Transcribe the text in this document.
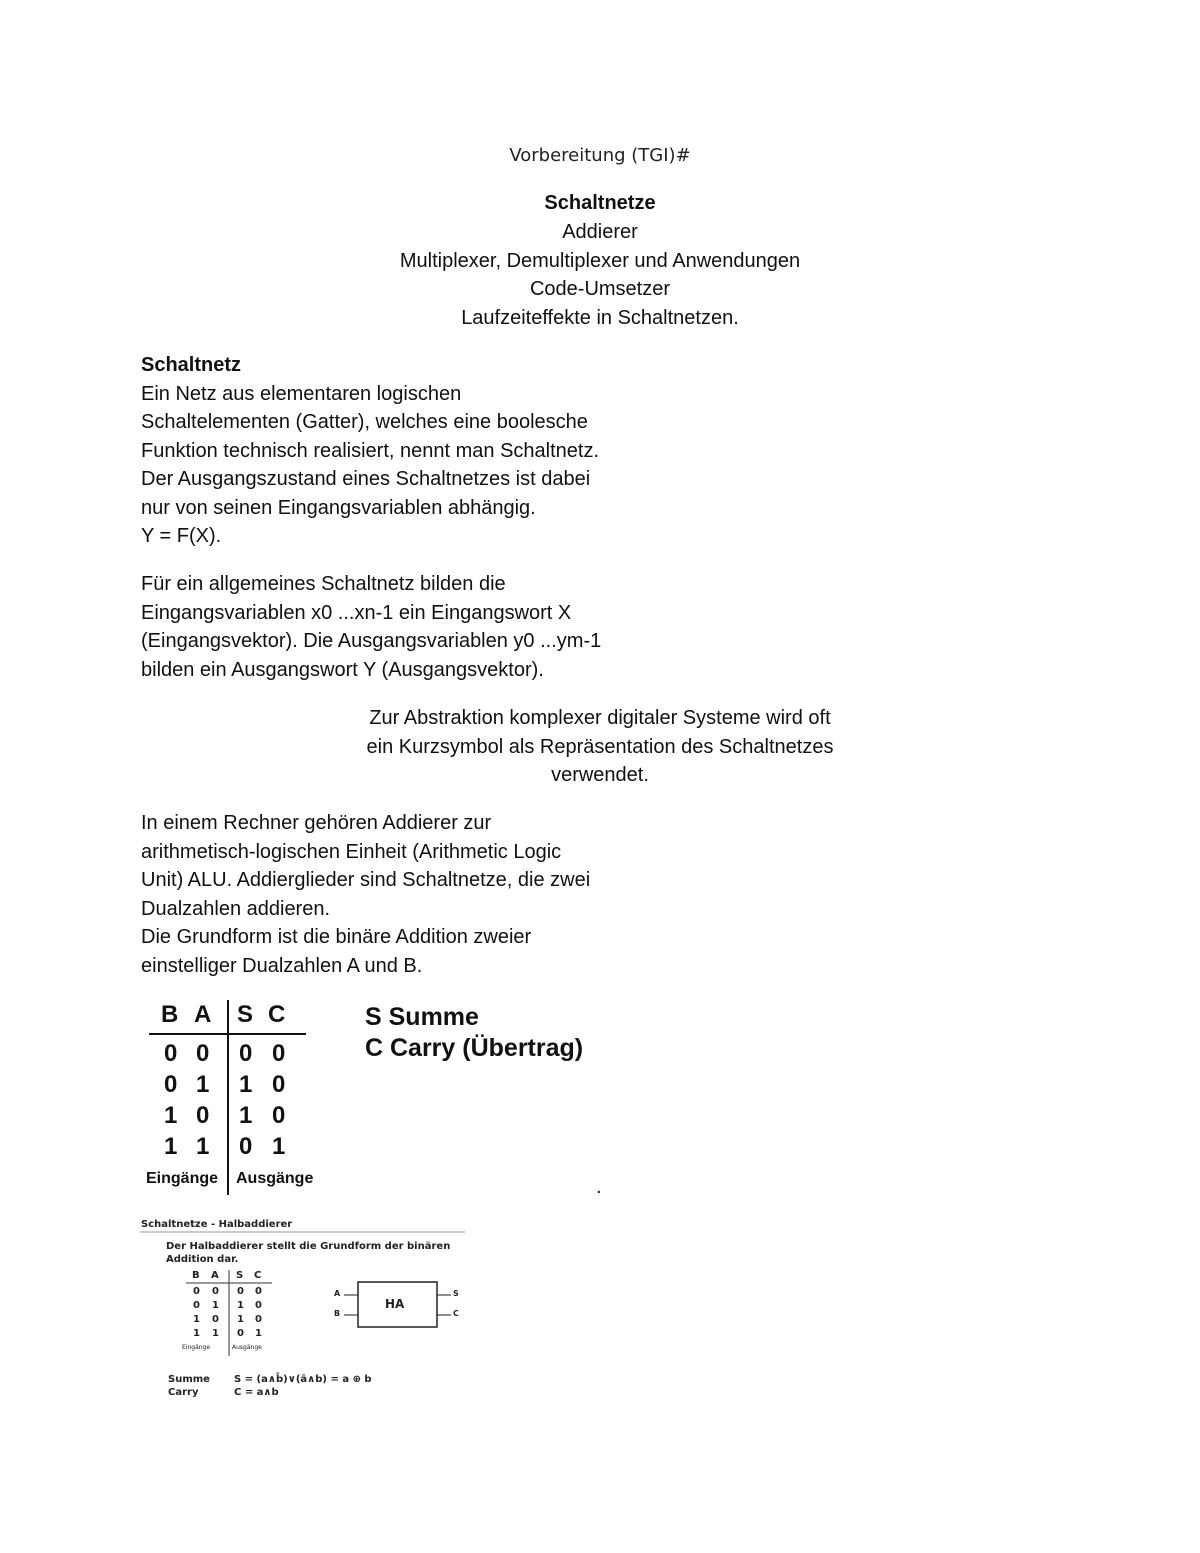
Vorbereitung (TGI)#
Schaltnetze
Addierer
Multiplexer, Demultiplexer und Anwendungen
Code-Umsetzer
Laufzeiteffekte in Schaltnetzen.
Schaltnetz
Ein Netz aus elementaren logischen
Schaltelementen (Gatter), welches eine boolesche
Funktion technisch realisiert, nennt man Schaltnetz.
Der Ausgangszustand eines Schaltnetzes ist dabei
nur von seinen Eingangsvariablen abhängig.
Y = F(X).
Für ein allgemeines Schaltnetz bilden die
Eingangsvariablen x0 ...xn-1 ein Eingangswort X
(Eingangsvektor). Die Ausgangsvariablen y0 ...ym-1
bilden ein Ausgangswort Y (Ausgangsvektor).
Zur Abstraktion komplexer digitaler Systeme wird oft
ein Kurzsymbol als Repräsentation des Schaltnetzes
verwendet.
In einem Rechner gehören Addierer zur
arithmetisch-logischen Einheit (Arithmetic Logic
Unit) ALU. Addierglieder sind Schaltnetze, die zwei
Dualzahlen addieren.
Die Grundform ist die binäre Addition zweier
einstelliger Dualzahlen A und B.
B A S C
0 0 0 0
0 1 1 0
1 0 1 0
1 1 0 1
Eingänge Ausgänge
S Summe
C Carry (Übertrag)
.
Schaltnetze - Halbaddierer
Der Halbaddierer stellt die Grundform der binären
Addition dar.
B A S C
0 0 0 0
0 1 1 0
1 0 1 0
1 1 0 1
Eingänge	Ausgänge
A
B
S
C
HA
Summe S = (a∧b̄)∨(ā∧b) = a ⊕ b
Carry	C = a∧b
